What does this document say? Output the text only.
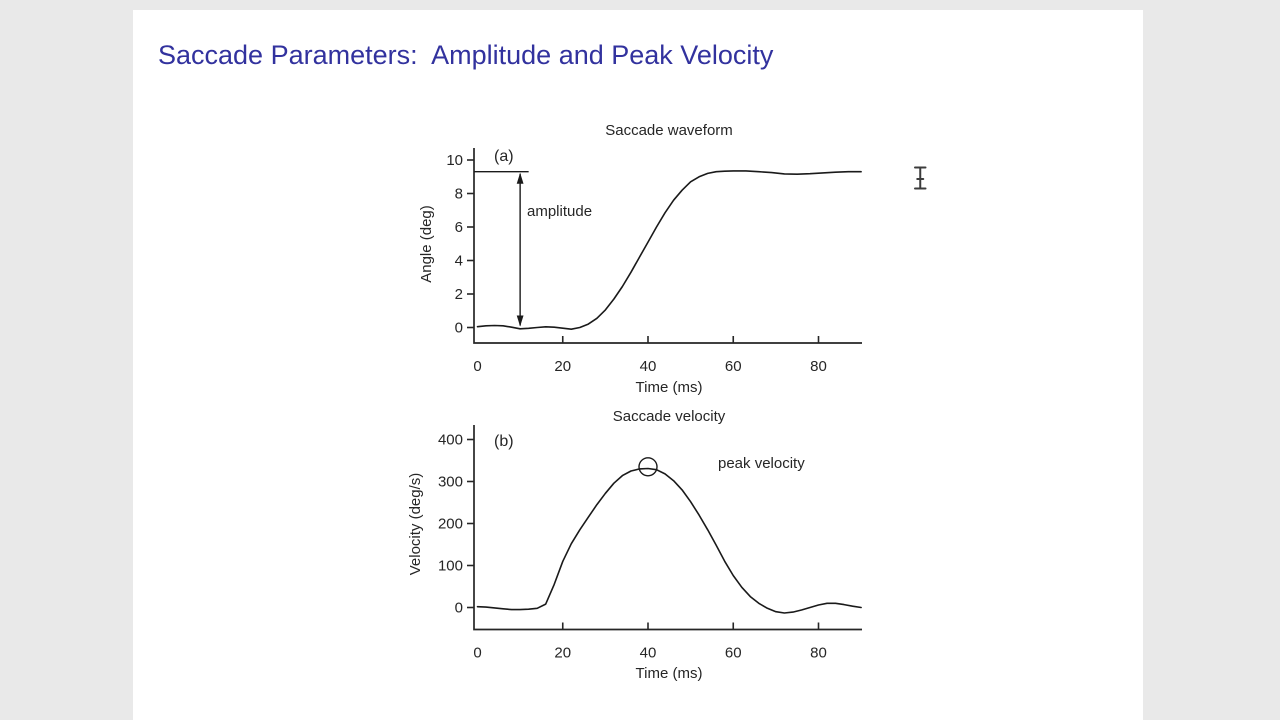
Saccade Parameters:  Amplitude and Peak Velocity
0	20	40	60	80
0
2
4
6
8
10
Saccade waveform
(a)
amplitude
Time (ms)
Angle (deg)
0	20	40	60	80
0
100
200
300
400
Saccade velocity
(b)
peak velocity
Time (ms)
Velocity (deg/s)
